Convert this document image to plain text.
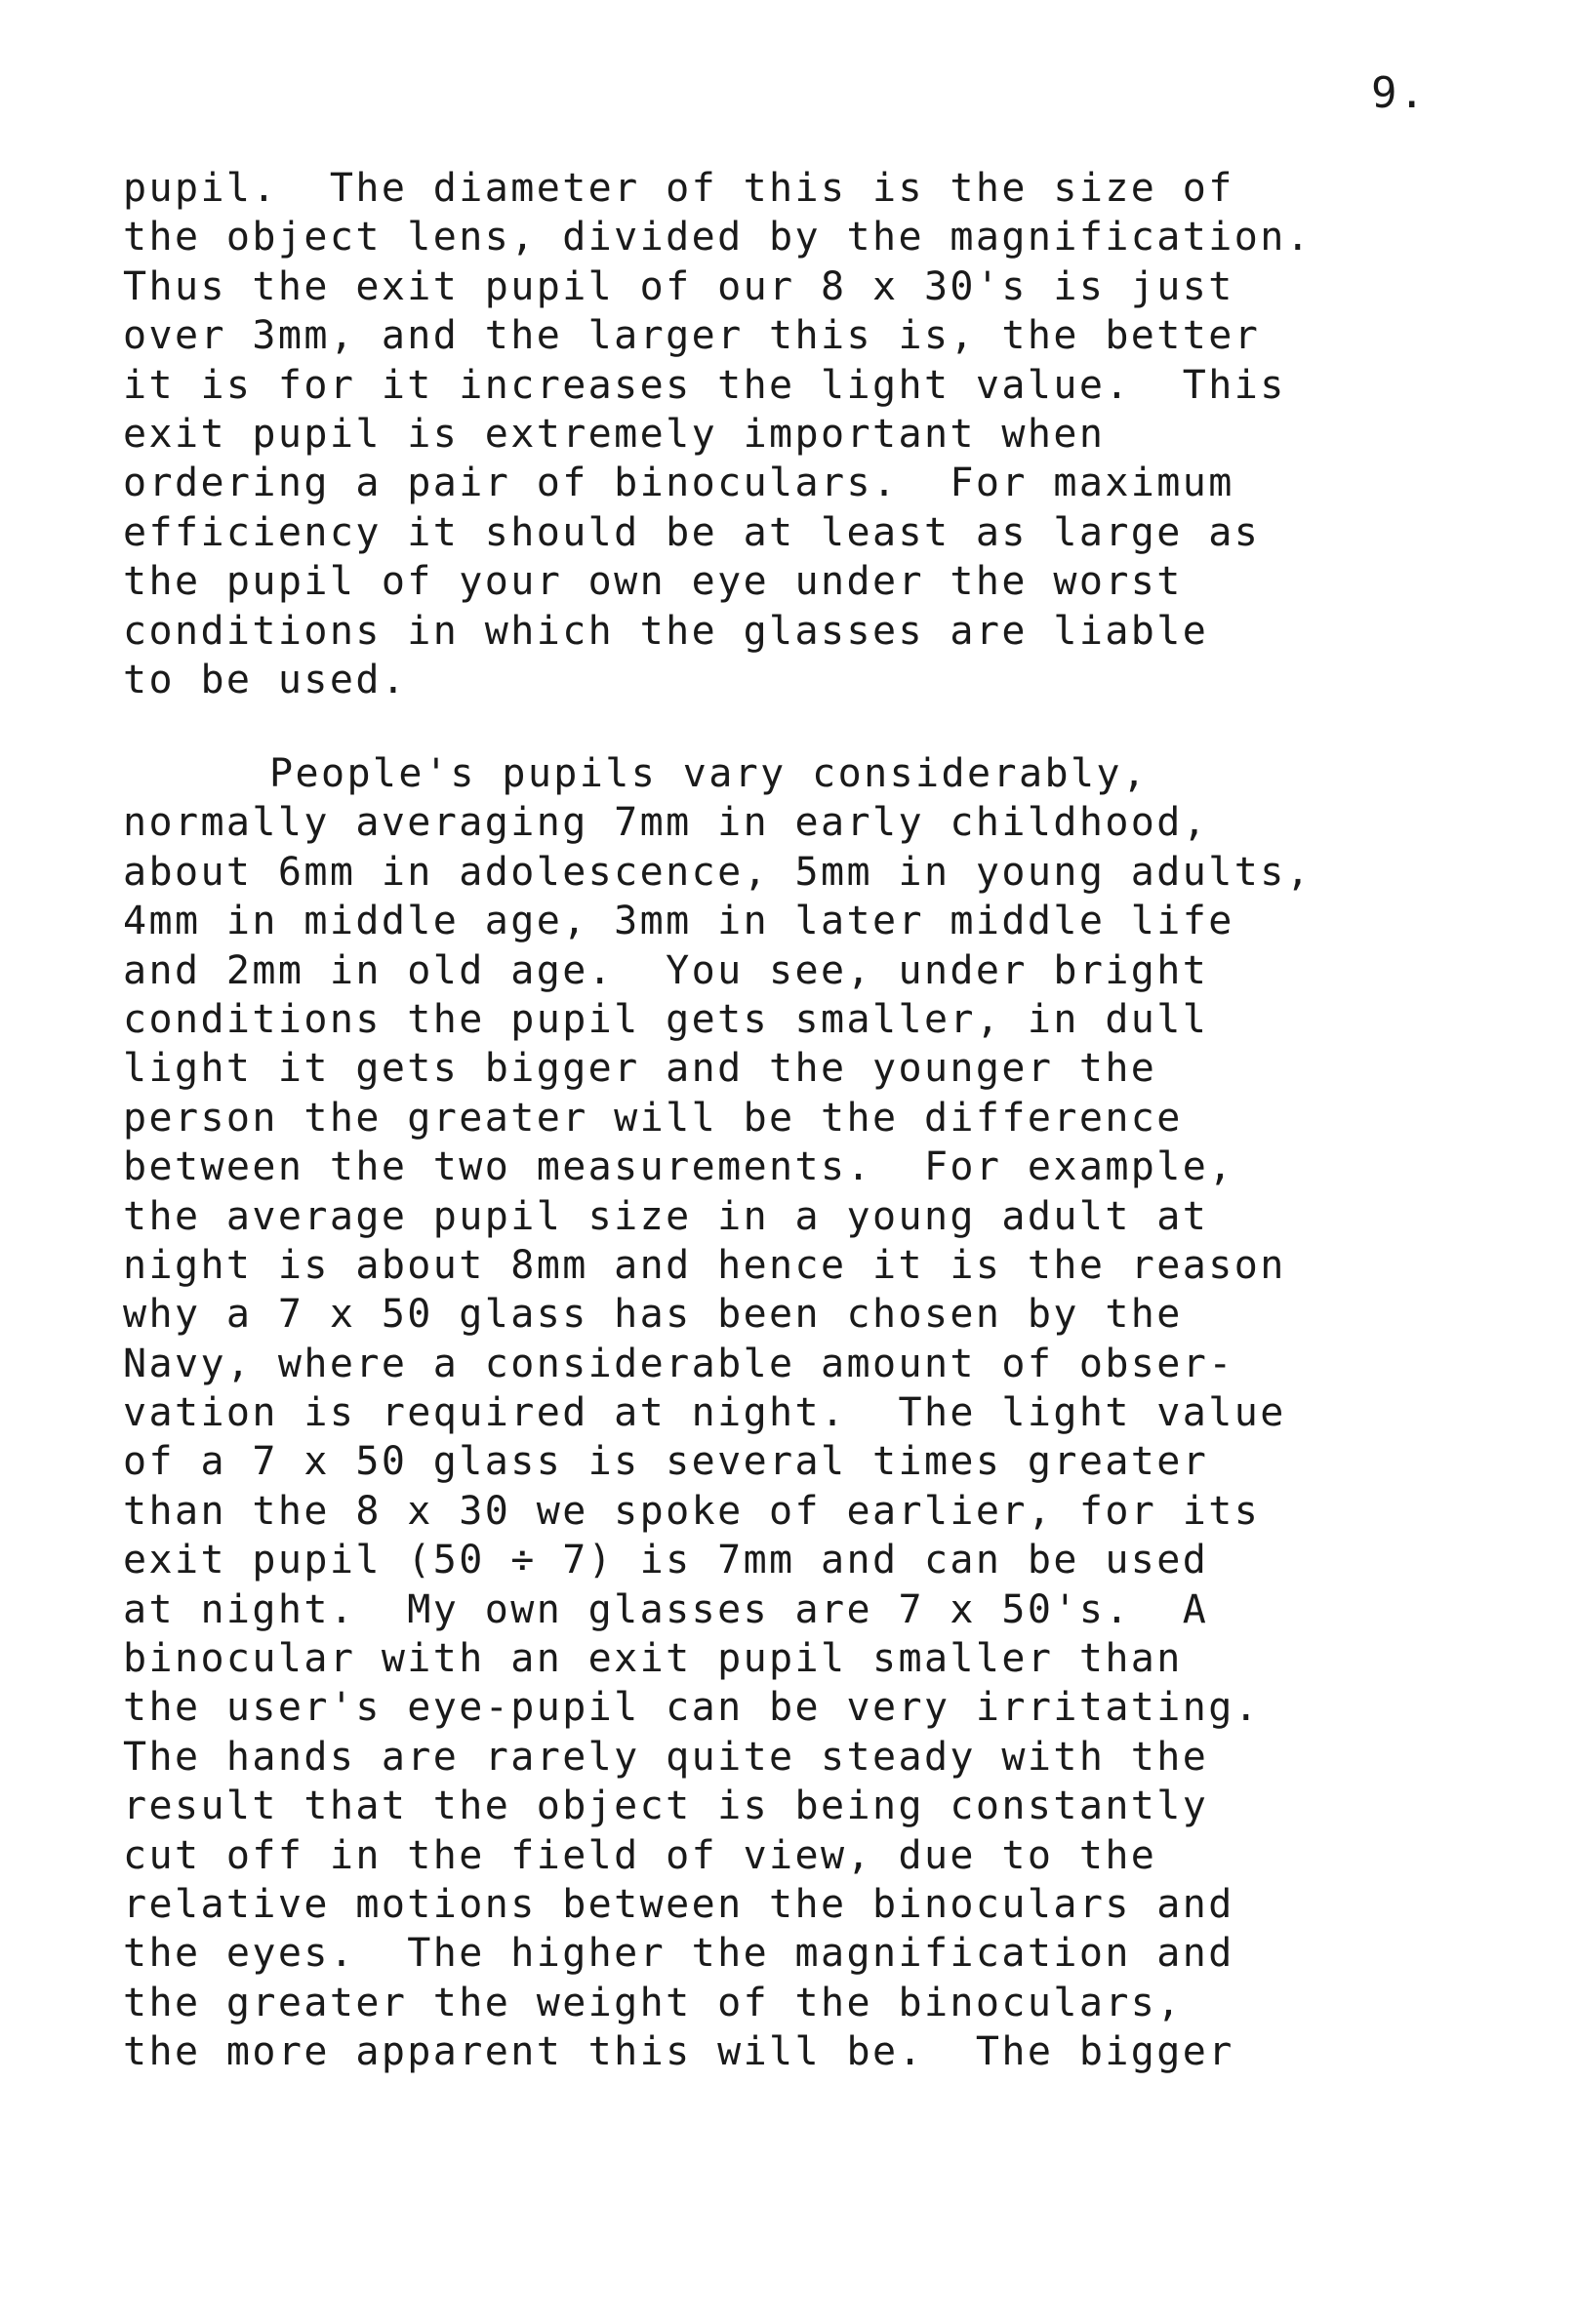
9.
pupil.  The diameter of this is the size of
the object lens, divided by the magnification.
Thus the exit pupil of our 8 x 30's is just
over 3mm, and the larger this is, the better
it is for it increases the light value.  This
exit pupil is extremely important when
ordering a pair of binoculars.  For maximum
efficiency it should be at least as large as
the pupil of your own eye under the worst
conditions in which the glasses are liable
to be used.
People's pupils vary considerably,
normally averaging 7mm in early childhood,
about 6mm in adolescence, 5mm in young adults,
4mm in middle age, 3mm in later middle life
and 2mm in old age.  You see, under bright
conditions the pupil gets smaller, in dull
light it gets bigger and the younger the
person the greater will be the difference
between the two measurements.  For example,
the average pupil size in a young adult at
night is about 8mm and hence it is the reason
why a 7 x 50 glass has been chosen by the
Navy, where a considerable amount of obser-
vation is required at night.  The light value
of a 7 x 50 glass is several times greater
than the 8 x 30 we spoke of earlier, for its
exit pupil (50 ÷ 7) is 7mm and can be used
at night.  My own glasses are 7 x 50's.  A
binocular with an exit pupil smaller than
the user's eye-pupil can be very irritating.
The hands are rarely quite steady with the
result that the object is being constantly
cut off in the field of view, due to the
relative motions between the binoculars and
the eyes.  The higher the magnification and
the greater the weight of the binoculars,
the more apparent this will be.  The bigger
